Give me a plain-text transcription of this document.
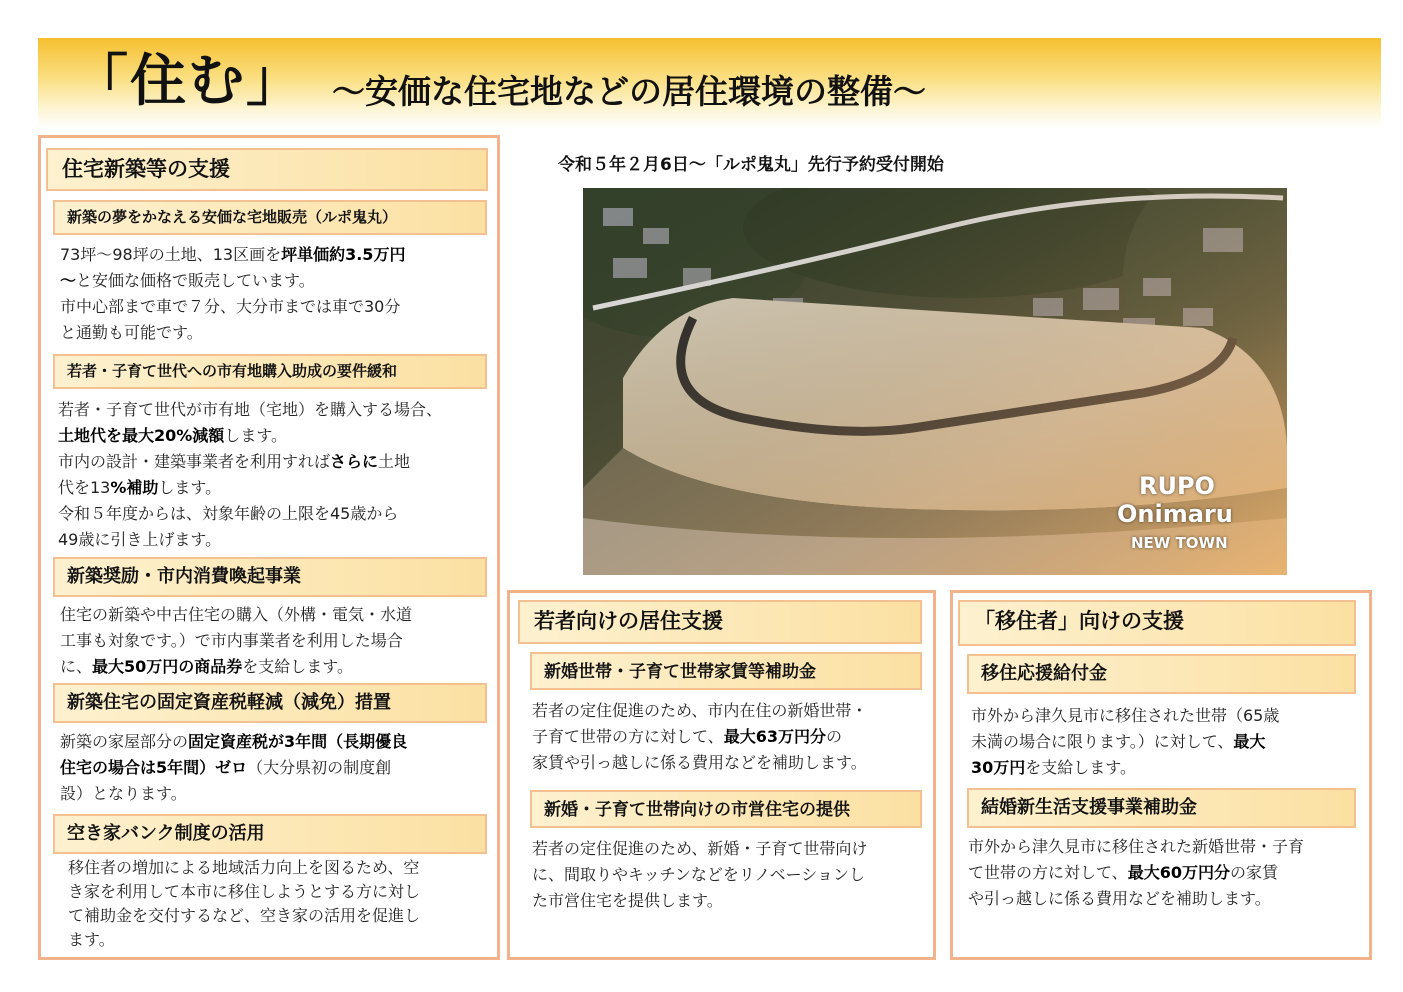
「住む」 ～安価な住宅地などの居住環境の整備～
住宅新築等の支援
新築の夢をかなえる安価な宅地販売（ルポ鬼丸）

73坪～98坪の土地、13区画を坪単価約3.5万円

～と安価な価格で販売しています。

市中心部まで車で７分、大分市までは車で30分

と通勤も可能です。

若者・子育て世代への市有地購入助成の要件緩和

若者・子育て世代が市有地（宅地）を購入する場合、

土地代を最大20%減額します。

市内の設計・建築事業者を利用すればさらに土地

代を13%補助します。

令和５年度からは、対象年齢の上限を45歳から

49歳に引き上げます。

新築奨励・市内消費喚起事業

住宅の新築や中古住宅の購入（外構・電気・水道

工事も対象です。）で市内事業者を利用した場合

に、最大50万円の商品券を支給します。

新築住宅の固定資産税軽減（減免）措置

新築の家屋部分の固定資産税が3年間（長期優良

住宅の場合は5年間）ゼロ（大分県初の制度創

設）となります。

空き家バンク制度の活用

移住者の増加による地域活力向上を図るため、空

き家を利用して本市に移住しようとする方に対し

て補助金を交付するなど、空き家の活用を促進し

ます。

令和５年２月6日～「ルポ鬼丸」先行予約受付開始
RUPO
Onimaru
NEW TOWN
若者向けの居住支援
新婚世帯・子育て世帯家賃等補助金

若者の定住促進のため、市内在住の新婚世帯・

子育て世帯の方に対して、最大63万円分の

家賃や引っ越しに係る費用などを補助します。

新婚・子育て世帯向けの市営住宅の提供

若者の定住促進のため、新婚・子育て世帯向け

に、間取りやキッチンなどをリノベーションし

た市営住宅を提供します。

「移住者」向けの支援
移住応援給付金

市外から津久見市に移住された世帯（65歳

未満の場合に限ります。）に対して、最大

30万円を支給します。

結婚新生活支援事業補助金

市外から津久見市に移住された新婚世帯・子育

て世帯の方に対して、最大60万円分の家賃

や引っ越しに係る費用などを補助します。
